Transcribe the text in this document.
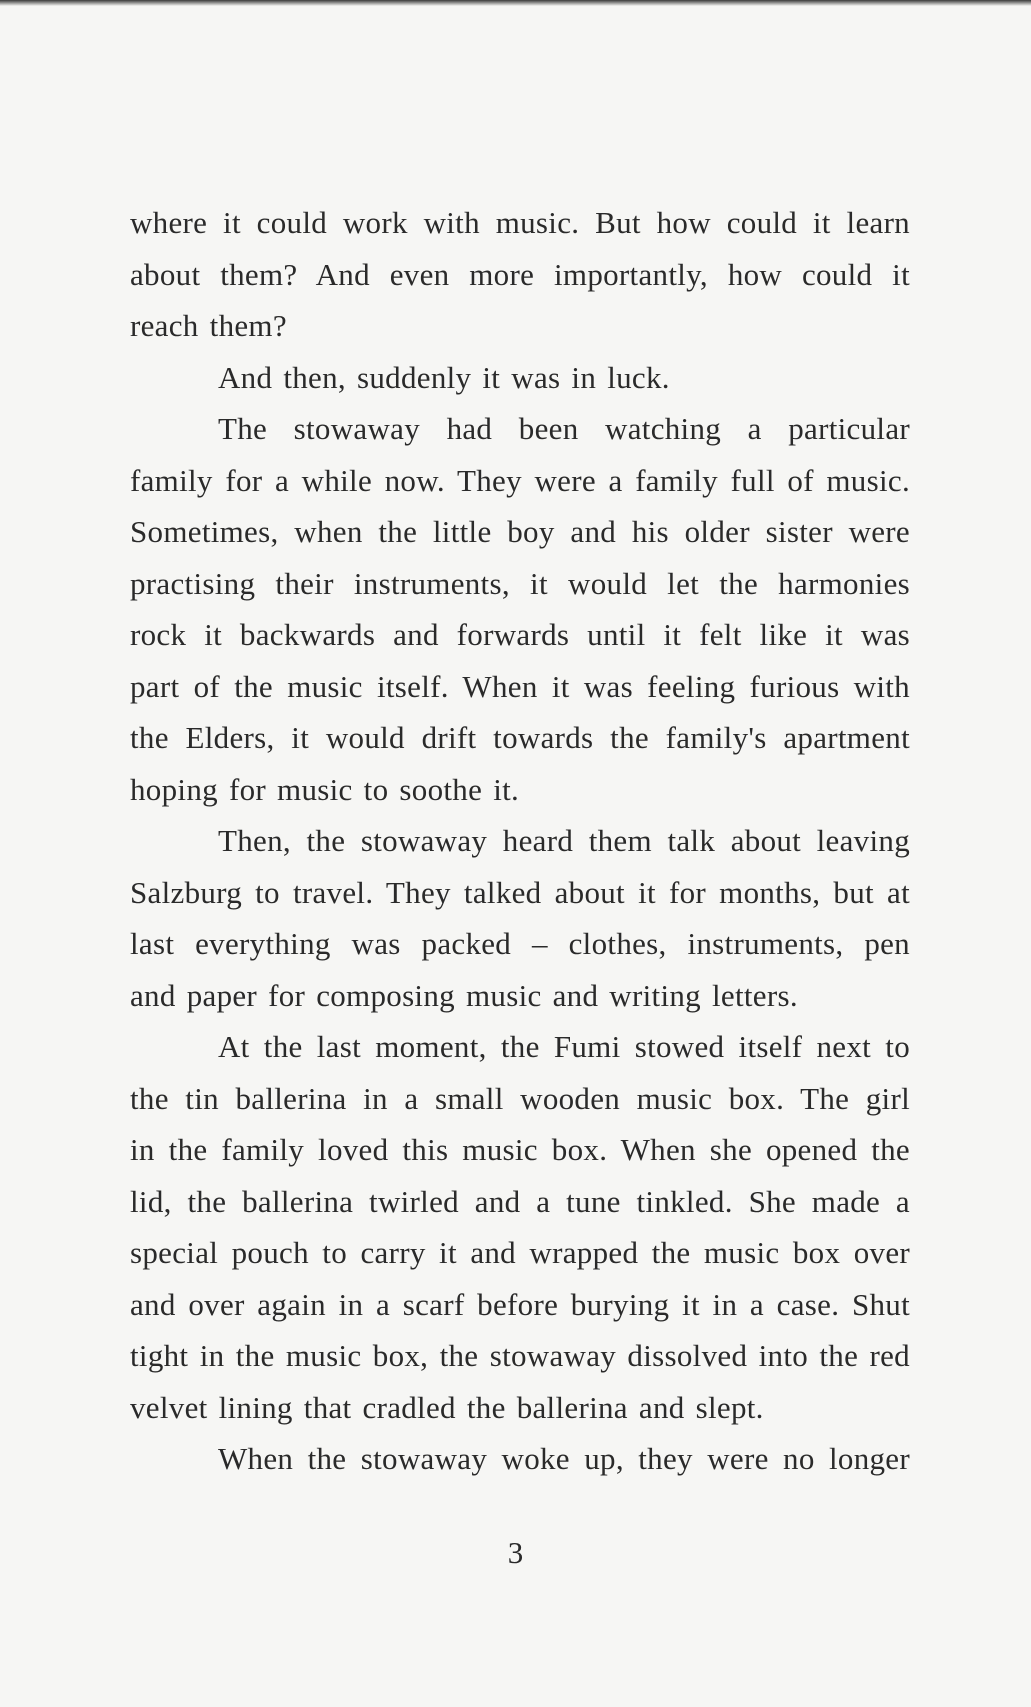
where it could work with music. But how could it learn
about them? And even more importantly, how could it
reach them?
And then, suddenly it was in luck.
The stowaway had been watching a particular
family for a while now. They were a family full of music.
Sometimes, when the little boy and his older sister were
practising their instruments, it would let the harmonies
rock it backwards and forwards until it felt like it was
part of the music itself. When it was feeling furious with
the Elders, it would drift towards the family's apartment
hoping for music to soothe it.
Then, the stowaway heard them talk about leaving
Salzburg to travel. They talked about it for months, but at
last everything was packed – clothes, instruments, pen
and paper for composing music and writing letters.
At the last moment, the Fumi stowed itself next to
the tin ballerina in a small wooden music box. The girl
in the family loved this music box. When she opened the
lid, the ballerina twirled and a tune tinkled. She made a
special pouch to carry it and wrapped the music box over
and over again in a scarf before burying it in a case. Shut
tight in the music box, the stowaway dissolved into the red
velvet lining that cradled the ballerina and slept.
When the stowaway woke up, they were no longer
3
